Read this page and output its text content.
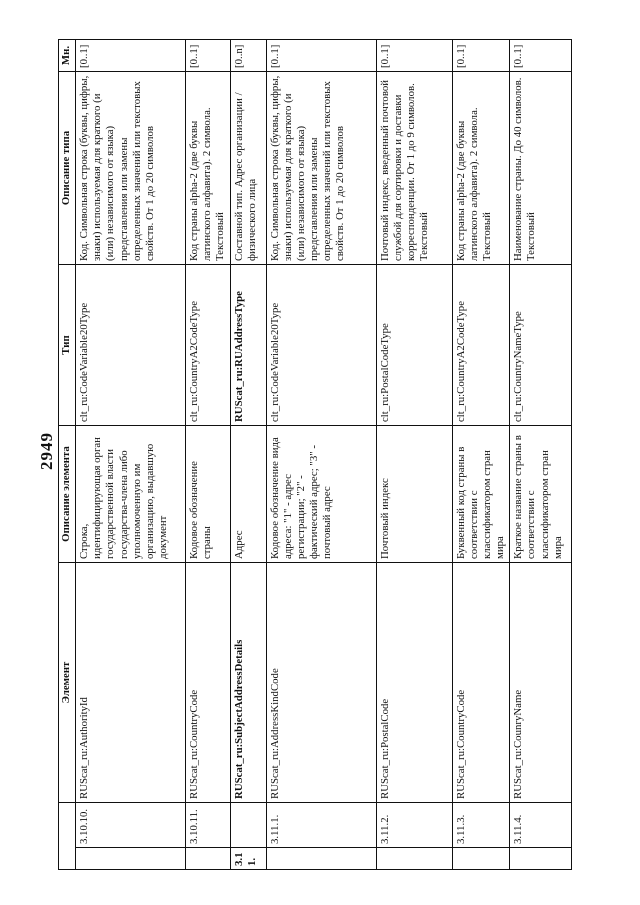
2949
		Элемент	Описание элемента	Тип	Описание типа	Мн.
	3.10.10.	RUScat_ru:AuthorityId	Строка, идентифицирующая орган государственной власти государства-члена либо уполномоченную им организацию, выдавшую документ	clt_ru:CodeVariable20Type	Код. Символьная строка (буквы, цифры, знаки) используемая для краткого (и (или) независимого от языка) представления или замены определенных значений или текстовых свойств. От 1 до 20 символов	[0..1]
	3.10.11.	RUScat_ru:CountryCode	Кодовое обозначение страны	clt_ru:CountryA2CodeType	Код страны alpha-2 (две буквы латинского алфавита). 2 символа. Текстовый	[0..1]
3.11.		RUScat_ru:SubjectAddressDetails	Адрес	RUScat_ru:RUAddressType	Составной тип. Адрес организации / физического лица	[0..n]
	3.11.1.	RUScat_ru:AddressKindCode	Кодовое обозначение вида адреса: "1" - адрес регистрации; "2" - фактический адрес; "3" - почтовый адрес	clt_ru:CodeVariable20Type	Код. Символьная строка (буквы, цифры, знаки) используемая для краткого (и (или) независимого от языка) представления или замены определенных значений или текстовых свойств. От 1 до 20 символов	[0..1]
	3.11.2.	RUScat_ru:PostalCode	Почтовый индекс	clt_ru:PostalCodeType	Почтовый индекс, введенный почтовой службой для сортировки и доставки корреспонденции. От 1 до 9 символов. Текстовый	[0..1]
	3.11.3.	RUScat_ru:CountryCode	Буквенный код страны в соответствии с классификатором стран мира	clt_ru:CountryA2CodeType	Код страны alpha-2 (две буквы латинского алфавита). 2 символа. Текстовый	[0..1]
	3.11.4.	RUScat_ru:CounryName	Краткое название страны в соответствии с классификатором стран мира	clt_ru:CountryNameType	Наименование страны. До 40 символов. Текстовый	[0..1]
